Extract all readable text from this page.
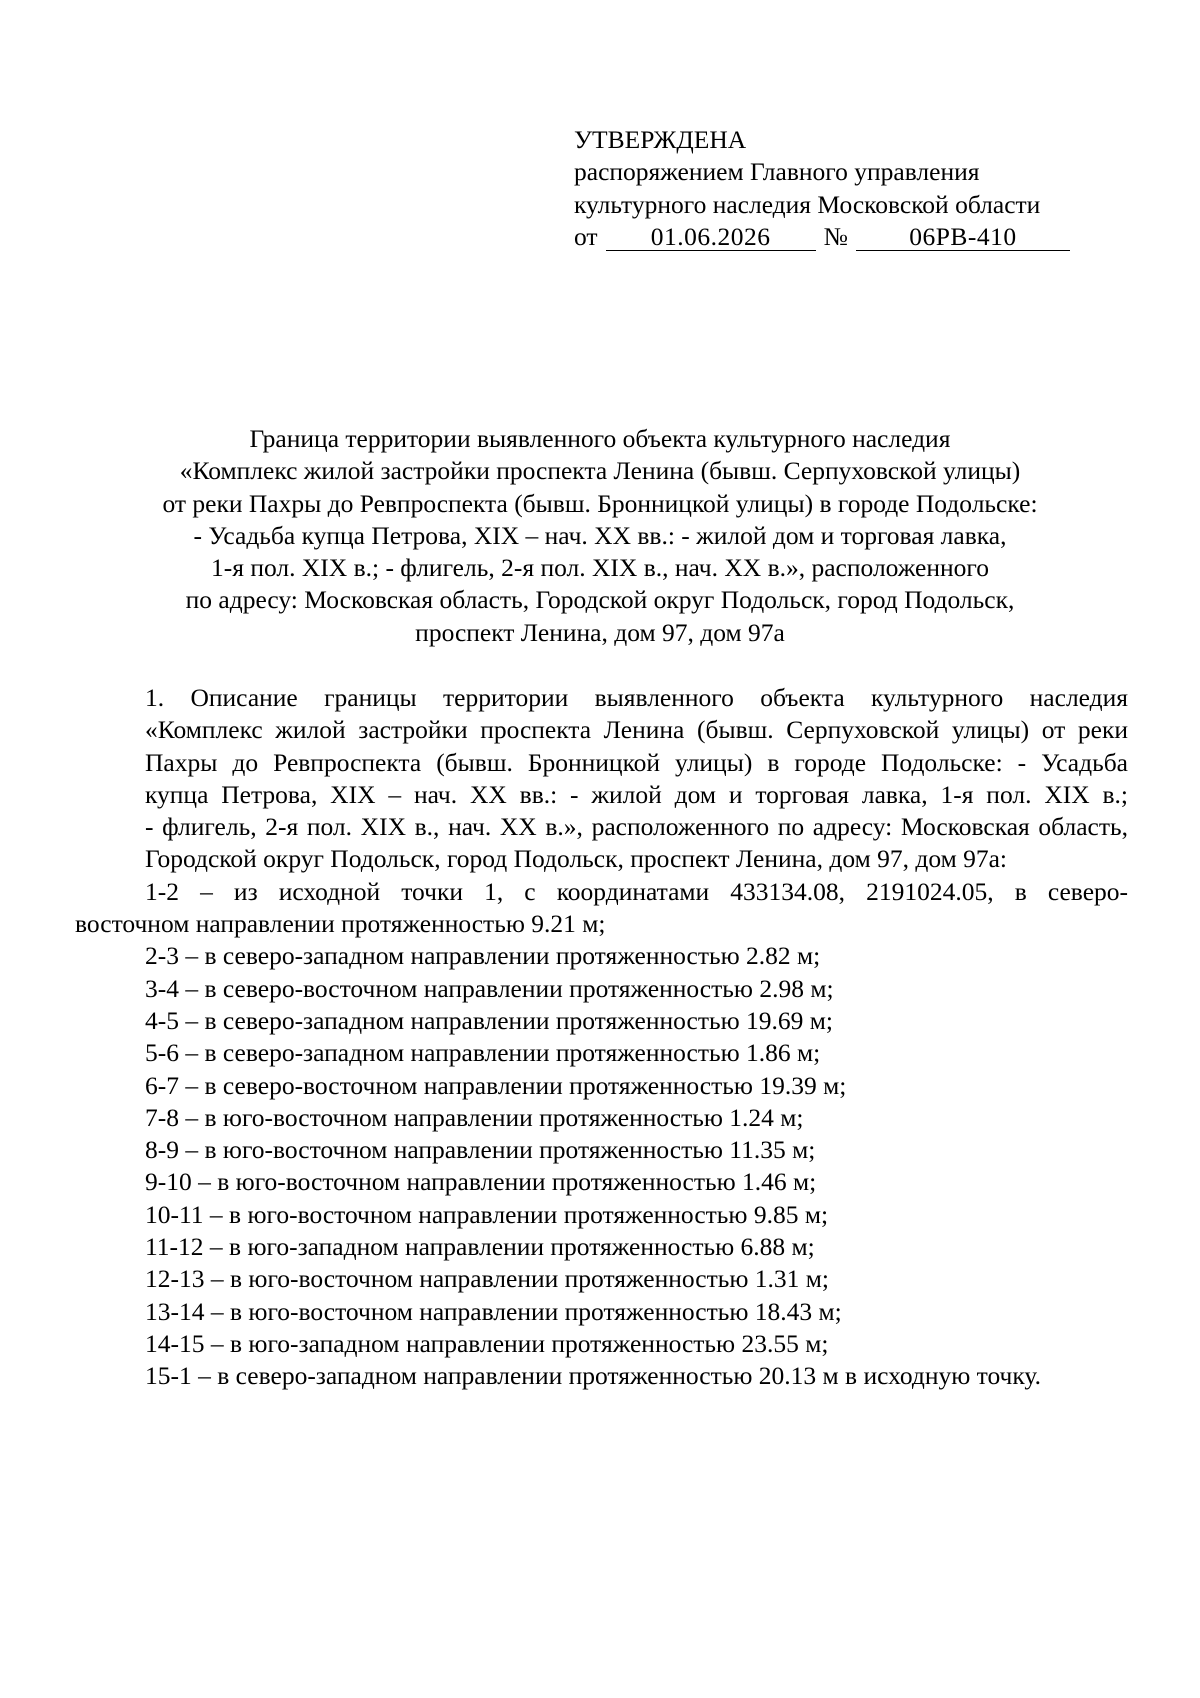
УТВЕРЖДЕНА
распоряжением Главного управления
культурного наследия Московской области
от 01.06.2026 № 06РВ-410
Граница территории выявленного объекта культурного наследия
«Комплекс жилой застройки проспекта Ленина (бывш. Серпуховской улицы)
от реки Пахры до Ревпроспекта (бывш. Бронницкой улицы) в городе Подольске:
- Усадьба купца Петрова, XIX – нач. XX вв.: - жилой дом и торговая лавка,
1-я пол. XIX в.; - флигель, 2-я пол. XIX в., нач. XX в.», расположенного
по адресу: Московская область, Городской округ Подольск, город Подольск,
проспект Ленина, дом 97, дом 97а
1. Описание границы территории выявленного объекта культурного наследия
«Комплекс жилой застройки проспекта Ленина (бывш. Серпуховской улицы) от реки
Пахры до Ревпроспекта (бывш. Бронницкой улицы) в городе Подольске: - Усадьба
купца Петрова, XIX – нач. XX вв.: - жилой дом и торговая лавка, 1-я пол. XIX в.;
- флигель, 2-я пол. XIX в., нач. XX в.», расположенного по адресу: Московская область,
Городской округ Подольск, город Подольск, проспект Ленина, дом 97, дом 97а:
1-2 – из исходной точки 1, с координатами 433134.08, 2191024.05, в северо-
восточном направлении протяженностью 9.21 м;
2-3 – в северо-западном направлении протяженностью 2.82 м;
3-4 – в северо-восточном направлении протяженностью 2.98 м;
4-5 – в северо-западном направлении протяженностью 19.69 м;
5-6 – в северо-западном направлении протяженностью 1.86 м;
6-7 – в северо-восточном направлении протяженностью 19.39 м;
7-8 – в юго-восточном направлении протяженностью 1.24 м;
8-9 – в юго-восточном направлении протяженностью 11.35 м;
9-10 – в юго-восточном направлении протяженностью 1.46 м;
10-11 – в юго-восточном направлении протяженностью 9.85 м;
11-12 – в юго-западном направлении протяженностью 6.88 м;
12-13 – в юго-восточном направлении протяженностью 1.31 м;
13-14 – в юго-восточном направлении протяженностью 18.43 м;
14-15 – в юго-западном направлении протяженностью 23.55 м;
15-1 – в северо-западном направлении протяженностью 20.13 м в исходную точку.
